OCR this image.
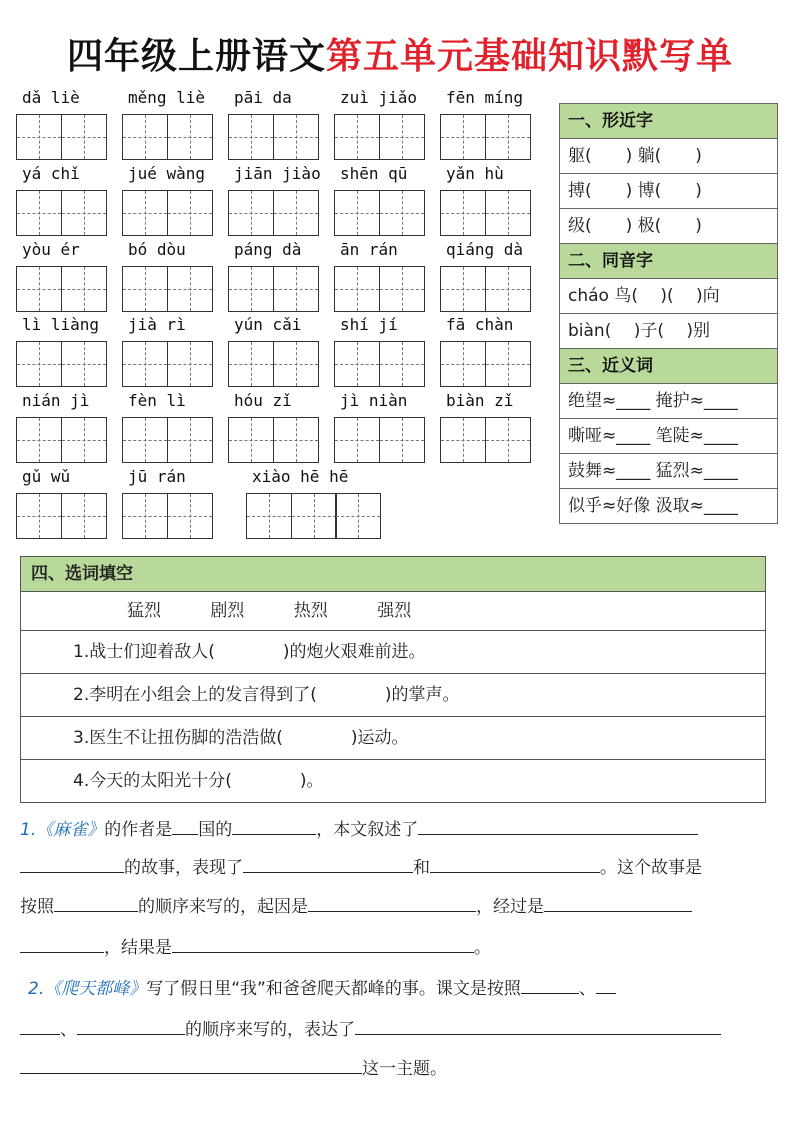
四年级上册语文第五单元基础知识默写单
dǎ liè	měng liè	pāi da	zuì jiǎo	fēn míng
yá chǐ	jué wàng	jiān jiào	shēn qū	yǎn hù
yòu ér	bó dòu	páng dà	ān rán	qiáng dà
lì liàng	jià rì	yún cǎi	shí jí	fā chàn
nián jì	fèn lì	hóu zǐ	jì niàn	biàn zǐ
gǔ wǔ	jū rán	xiào hē hē
一、形近字
躯(　　) 躺(　　)
搏(　　) 博(　　)
级(　　) 极(　　)
二、同音字
cháo 鸟(　 )(　 )向
biàn(　 )子(　 )别
三、近义词
绝望≈____ 掩护≈____
嘶哑≈____ 笔陡≈____
鼓舞≈____ 猛烈≈____
似乎≈好像 汲取≈____
四、选词填空
猛烈	剧烈	热烈	强烈
1.战士们迎着敌人(　　　　)的炮火艰难前进。
2.李明在小组会上的发言得到了(　　　　)的掌声。
3.医生不让扭伤脚的浩浩做(　　　　)运动。
4.今天的太阳光十分(　　　　)。
1.《麻雀》的作者是 国的	，本文叙述了
的故事，表现了	和	。这个故事是
按照	的顺序来写的，起因是	，经过是
，结果是	。
2.《爬天都峰》写了假日里“我”和爸爸爬天都峰的事。课文是按照	、
、	的顺序来写的，表达了
这一主题。
